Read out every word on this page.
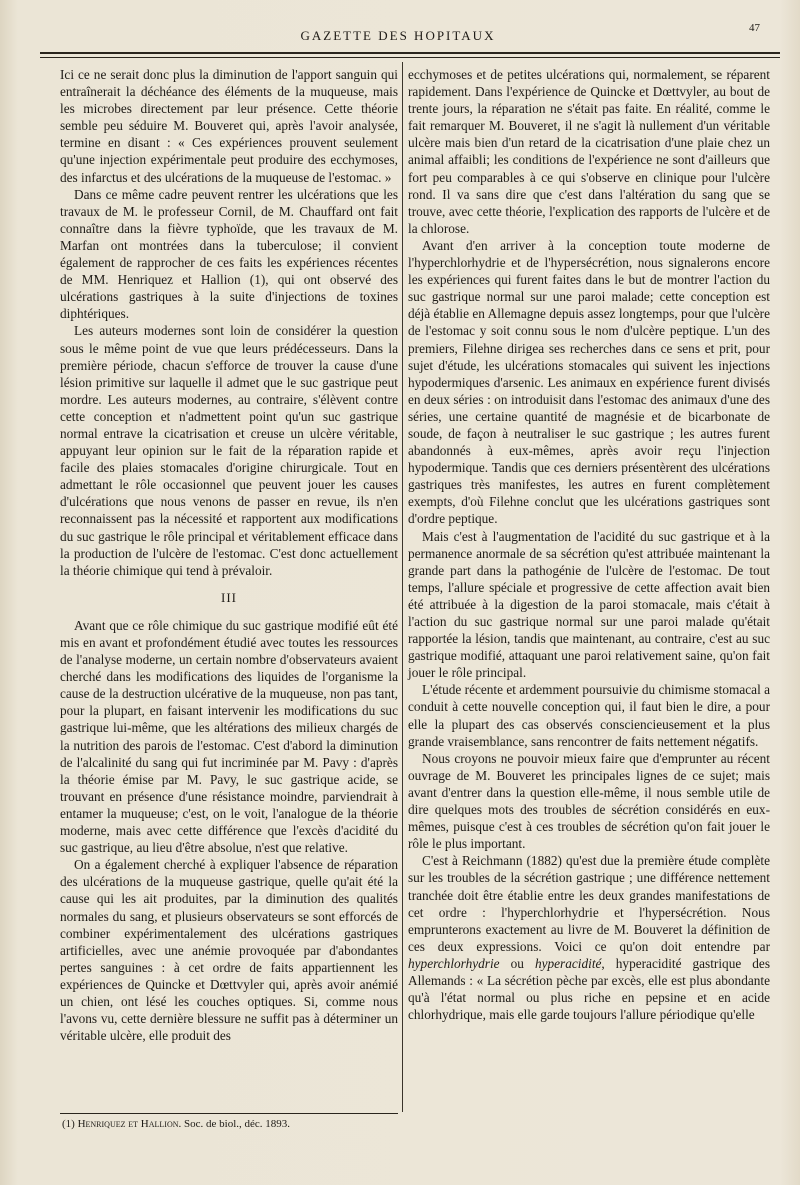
GAZETTE DES HOPITAUX	47

Ici ce ne serait donc plus la diminution de l'apport sanguin qui entraînerait la déchéance des éléments de la muqueuse, mais les microbes directement par leur présence. Cette théorie semble peu séduire M. Bouveret qui, après l'avoir analysée, termine en disant : « Ces expériences prouvent seulement qu'une injection expérimentale peut produire des ecchymoses, des infarctus et des ulcérations de la muqueuse de l'estomac. »

Dans ce même cadre peuvent rentrer les ulcérations que les travaux de M. le professeur Cornil, de M. Chauffard ont fait connaître dans la fièvre typhoïde, que les travaux de M. Marfan ont montrées dans la tuberculose; il convient également de rapprocher de ces faits les expériences récentes de MM. Henriquez et Hallion (1), qui ont observé des ulcérations gastriques à la suite d'injections de toxines diphtériques.

Les auteurs modernes sont loin de considérer la question sous le même point de vue que leurs prédécesseurs. Dans la première période, chacun s'efforce de trouver la cause d'une lésion primitive sur laquelle il admet que le suc gastrique peut mordre. Les auteurs modernes, au contraire, s'élèvent contre cette conception et n'admettent point qu'un suc gastrique normal entrave la cicatrisation et creuse un ulcère véritable, appuyant leur opinion sur le fait de la réparation rapide et facile des plaies stomacales d'origine chirurgicale. Tout en admettant le rôle occasionnel que peuvent jouer les causes d'ulcérations que nous venons de passer en revue, ils n'en reconnaissent pas la nécessité et rapportent aux modifications du suc gastrique le rôle principal et véritablement efficace dans la production de l'ulcère de l'estomac. C'est donc actuellement la théorie chimique qui tend à prévaloir.

III

Avant que ce rôle chimique du suc gastrique modifié eût été mis en avant et profondément étudié avec toutes les ressources de l'analyse moderne, un certain nombre d'observateurs avaient cherché dans les modifications des liquides de l'organisme la cause de la destruction ulcérative de la muqueuse, non pas tant, pour la plupart, en faisant intervenir les modifications du suc gastrique lui-même, que les altérations des milieux chargés de la nutrition des parois de l'estomac. C'est d'abord la diminution de l'alcalinité du sang qui fut incriminée par M. Pavy : d'après la théorie émise par M. Pavy, le suc gastrique acide, se trouvant en présence d'une résistance moindre, parviendrait à entamer la muqueuse; c'est, on le voit, l'analogue de la théorie moderne, mais avec cette différence que l'excès d'acidité du suc gastrique, au lieu d'être absolue, n'est que relative.

On a également cherché à expliquer l'absence de réparation des ulcérations de la muqueuse gastrique, quelle qu'ait été la cause qui les ait produites, par la diminution des qualités normales du sang, et plusieurs observateurs se sont efforcés de combiner expérimentalement des ulcérations gastriques artificielles, avec une anémie provoquée par d'abondantes pertes sanguines : à cet ordre de faits appartiennent les expériences de Quincke et Dœttvyler qui, après avoir anémié un chien, ont lésé les couches optiques. Si, comme nous l'avons vu, cette dernière blessure ne suffit pas à déterminer un véritable ulcère, elle produit des

ecchymoses et de petites ulcérations qui, normalement, se réparent rapidement. Dans l'expérience de Quincke et Dœttvyler, au bout de trente jours, la réparation ne s'était pas faite. En réalité, comme le fait remarquer M. Bouveret, il ne s'agit là nullement d'un véritable ulcère mais bien d'un retard de la cicatrisation d'une plaie chez un animal affaibli; les conditions de l'expérience ne sont d'ailleurs que fort peu comparables à ce qui s'observe en clinique pour l'ulcère rond. Il va sans dire que c'est dans l'altération du sang que se trouve, avec cette théorie, l'explication des rapports de l'ulcère et de la chlorose.

Avant d'en arriver à la conception toute moderne de l'hyperchlorhydrie et de l'hypersécrétion, nous signalerons encore les expériences qui furent faites dans le but de montrer l'action du suc gastrique normal sur une paroi malade; cette conception est déjà établie en Allemagne depuis assez longtemps, pour que l'ulcère de l'estomac y soit connu sous le nom d'ulcère peptique. L'un des premiers, Filehne dirigea ses recherches dans ce sens et prit, pour sujet d'étude, les ulcérations stomacales qui suivent les injections hypodermiques d'arsenic. Les animaux en expérience furent divisés en deux séries : on introduisit dans l'estomac des animaux d'une des séries, une certaine quantité de magnésie et de bicarbonate de soude, de façon à neutraliser le suc gastrique ; les autres furent abandonnés à eux-mêmes, après avoir reçu l'injection hypodermique. Tandis que ces derniers présentèrent des ulcérations gastriques très manifestes, les autres en furent complètement exempts, d'où Filehne conclut que les ulcérations gastriques sont d'ordre peptique.

Mais c'est à l'augmentation de l'acidité du suc gastrique et à la permanence anormale de sa sécrétion qu'est attribuée maintenant la grande part dans la pathogénie de l'ulcère de l'estomac. De tout temps, l'allure spéciale et progressive de cette affection avait bien été attribuée à la digestion de la paroi stomacale, mais c'était à l'action du suc gastrique normal sur une paroi malade qu'était rapportée la lésion, tandis que maintenant, au contraire, c'est au suc gastrique modifié, attaquant une paroi relativement saine, qu'on fait jouer le rôle principal.

L'étude récente et ardemment poursuivie du chimisme stomacal a conduit à cette nouvelle conception qui, il faut bien le dire, a pour elle la plupart des cas observés consciencieusement et la plus grande vraisemblance, sans rencontrer de faits nettement négatifs.

Nous croyons ne pouvoir mieux faire que d'emprunter au récent ouvrage de M. Bouveret les principales lignes de ce sujet; mais avant d'entrer dans la question elle-même, il nous semble utile de dire quelques mots des troubles de sécrétion considérés en eux-mêmes, puisque c'est à ces troubles de sécrétion qu'on fait jouer le rôle le plus important.

C'est à Reichmann (1882) qu'est due la première étude complète sur les troubles de la sécrétion gastrique ; une différence nettement tranchée doit être établie entre les deux grandes manifestations de cet ordre : l'hyperchlorhydrie et l'hypersécrétion. Nous emprunterons exactement au livre de M. Bouveret la définition de ces deux expressions. Voici ce qu'on doit entendre par hyperchlorhydrie ou hyperacidité, hyperacidité gastrique des Allemands : « La sécrétion pèche par excès, elle est plus abondante qu'à l'état normal ou plus riche en pepsine et en acide chlorhydrique, mais elle garde toujours l'allure périodique qu'elle

(1) Henriquez et Hallion. Soc. de biol., déc. 1893.
